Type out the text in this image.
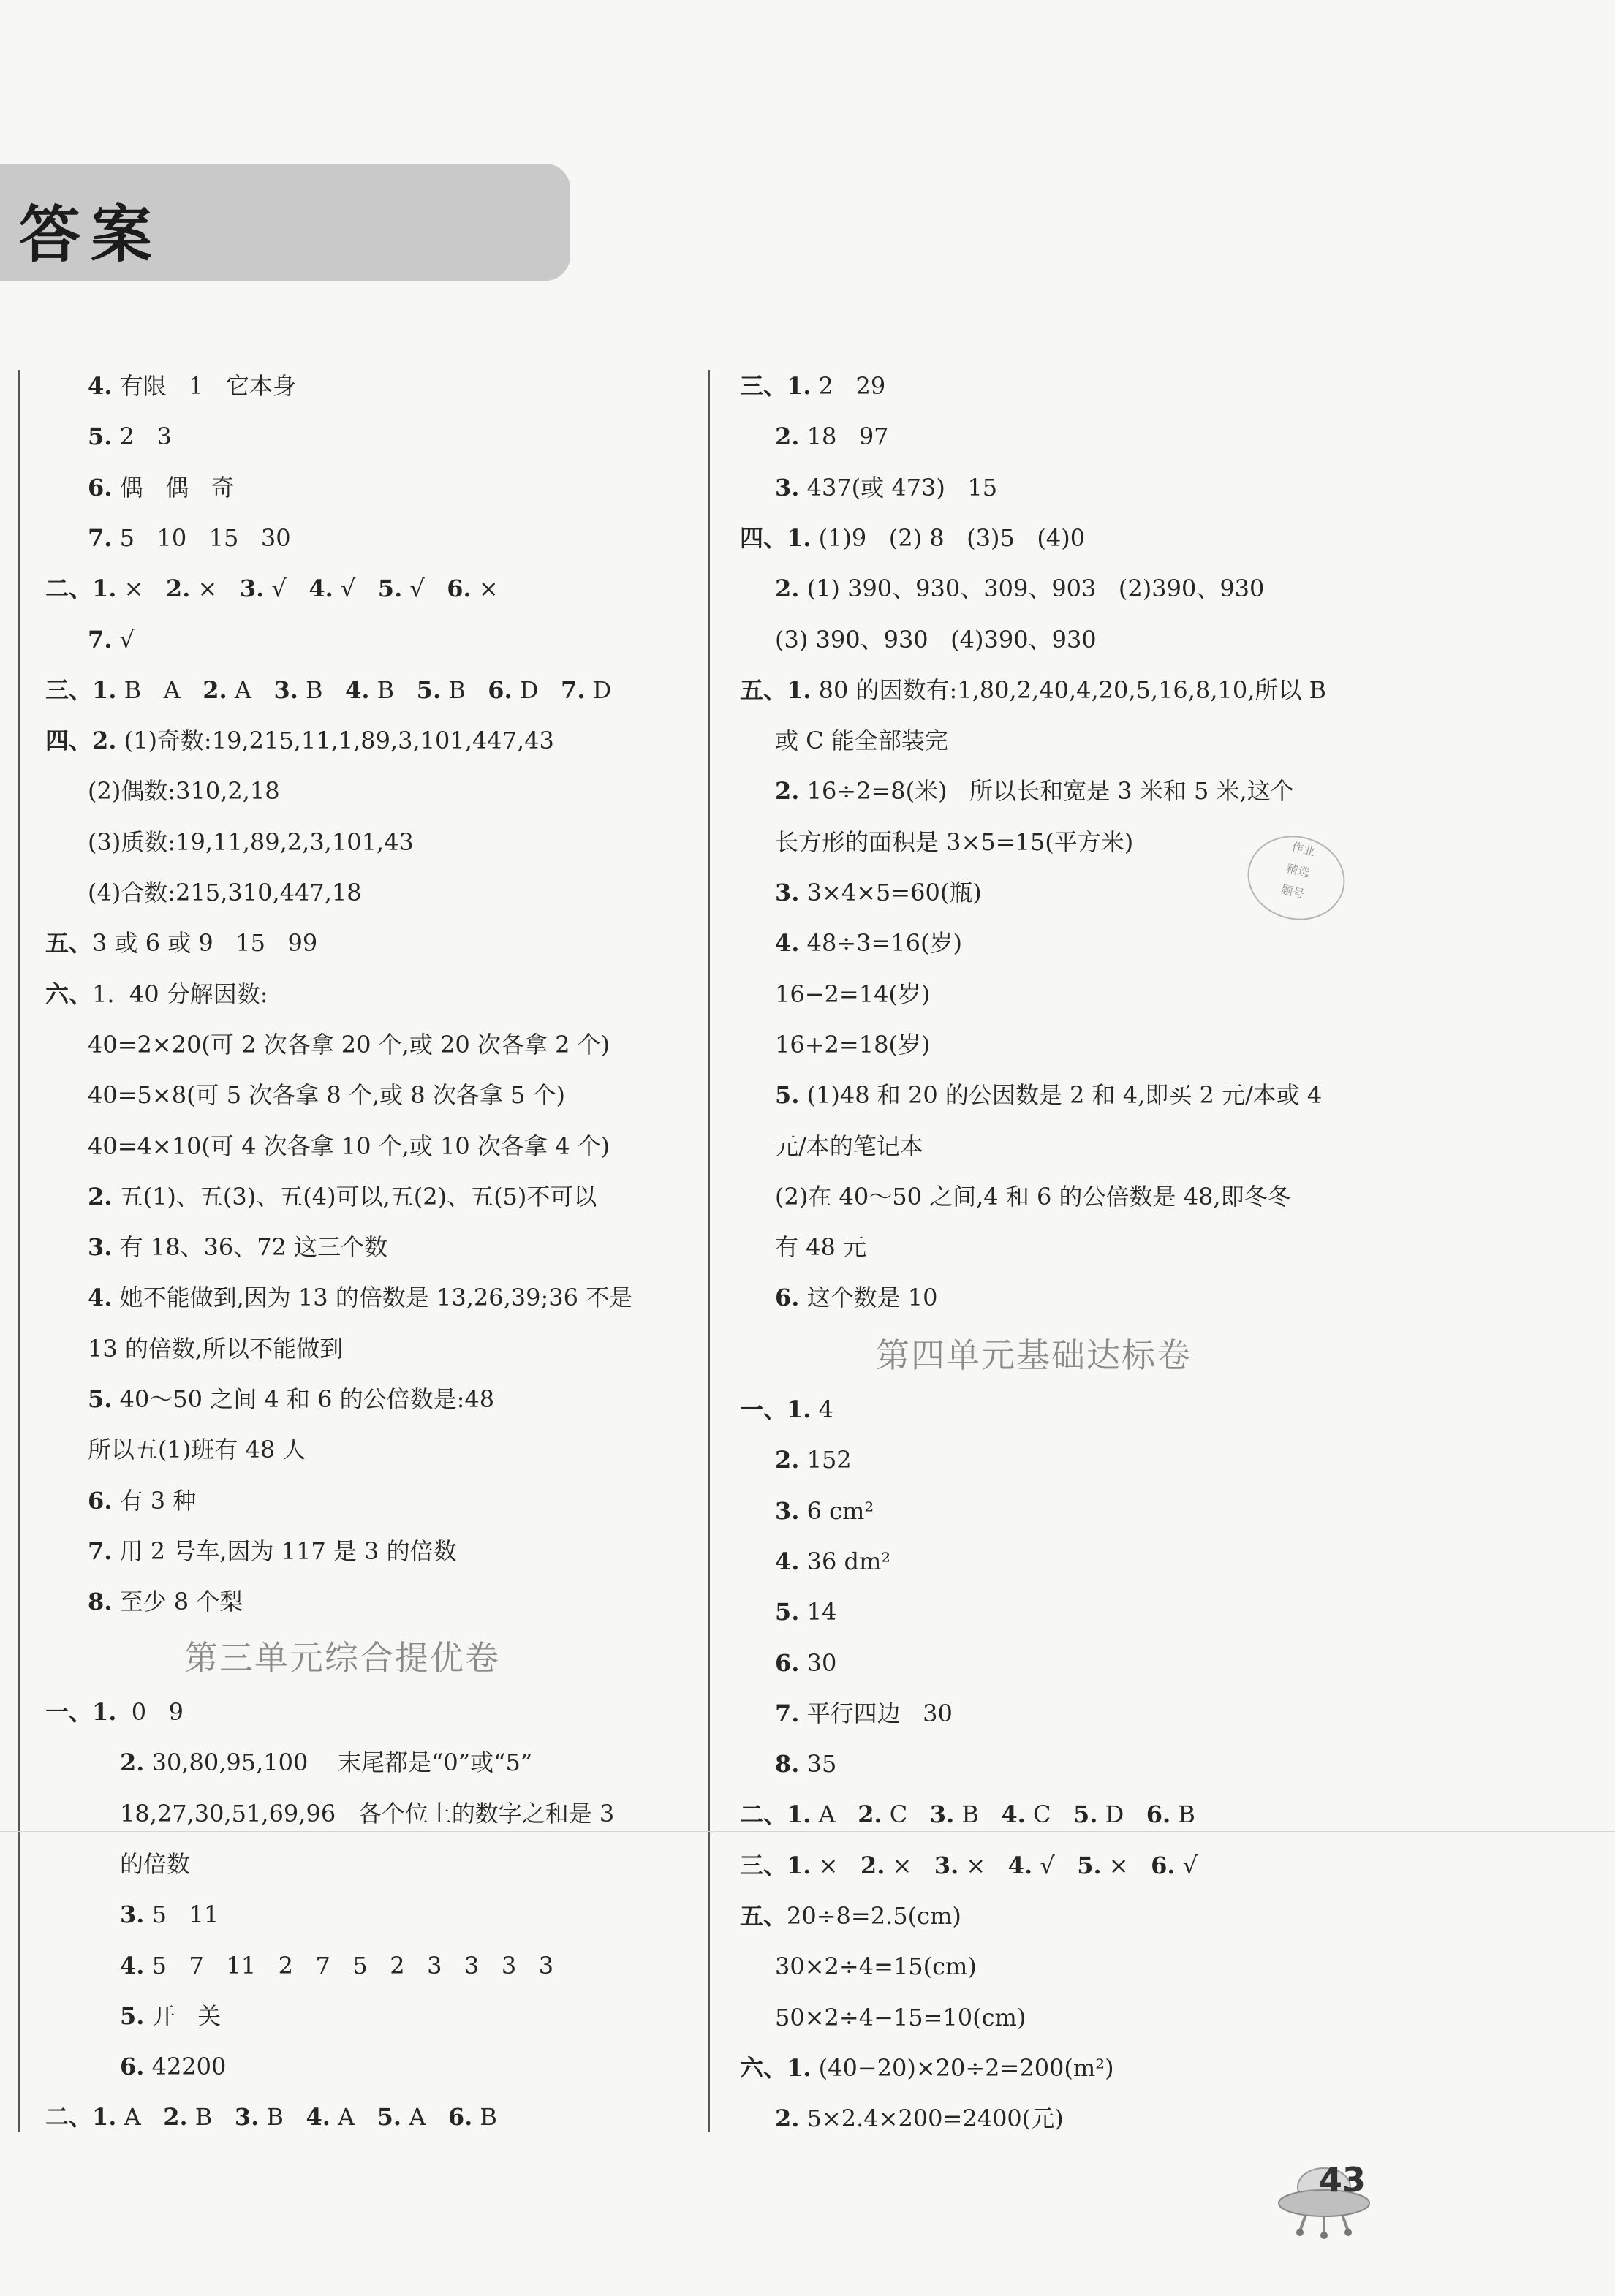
答案
4. 有限   1   它本身
5. 2   3
6. 偶   偶   奇
7. 5   10   15   30
二、1. ×   2. ×   3. √   4. √   5. √   6. ×
7. √
三、1. B   A   2. A   3. B   4. B   5. B   6. D   7. D
四、2. (1)奇数:19,215,11,1,89,3,101,447,43
(2)偶数:310,2,18
(3)质数:19,11,89,2,3,101,43
(4)合数:215,310,447,18
五、3 或 6 或 9   15   99
六、1.  40 分解因数:
40=2×20(可 2 次各拿 20 个,或 20 次各拿 2 个)
40=5×8(可 5 次各拿 8 个,或 8 次各拿 5 个)
40=4×10(可 4 次各拿 10 个,或 10 次各拿 4 个)
2. 五(1)、五(3)、五(4)可以,五(2)、五(5)不可以
3. 有 18、36、72 这三个数
4. 她不能做到,因为 13 的倍数是 13,26,39;36 不是
13 的倍数,所以不能做到
5. 40～50 之间 4 和 6 的公倍数是:48
所以五(1)班有 48 人
6. 有 3 种
7. 用 2 号车,因为 117 是 3 的倍数
8. 至少 8 个梨
一、1.  0   9
2. 30,80,95,100    末尾都是“0”或“5”
18,27,30,51,69,96   各个位上的数字之和是 3
的倍数
3. 5   11
4. 5   7   11   2   7   5   2   3   3   3   3
5. 开   关
6. 42200
二、1. A   2. B   3. B   4. A   5. A   6. B
三、1. 2   29
2. 18   97
3. 437(或 473)   15
四、1. (1)9   (2) 8   (3)5   (4)0
2. (1) 390、930、309、903   (2)390、930
(3) 390、930   (4)390、930
五、1. 80 的因数有:1,80,2,40,4,20,5,16,8,10,所以 B
或 C 能全部装完
2. 16÷2=8(米)   所以长和宽是 3 米和 5 米,这个
长方形的面积是 3×5=15(平方米)
3. 3×4×5=60(瓶)
4. 48÷3=16(岁)
16−2=14(岁)
16+2=18(岁)
5. (1)48 和 20 的公因数是 2 和 4,即买 2 元/本或 4
元/本的笔记本
(2)在 40～50 之间,4 和 6 的公倍数是 48,即冬冬
有 48 元
6. 这个数是 10
一、1. 4
2. 152
3. 6 cm²
4. 36 dm²
5. 14
6. 30
7. 平行四边   30
8. 35
二、1. A   2. C   3. B   4. C   5. D   6. B
三、1. ×   2. ×   3. ×   4. √   5. ×   6. √
五、20÷8=2.5(cm)
30×2÷4=15(cm)
50×2÷4−15=10(cm)
六、1. (40−20)×20÷2=200(m²)
2. 5×2.4×200=2400(元)
第三单元综合提优卷
第四单元基础达标卷
作业
精选
题号
43
